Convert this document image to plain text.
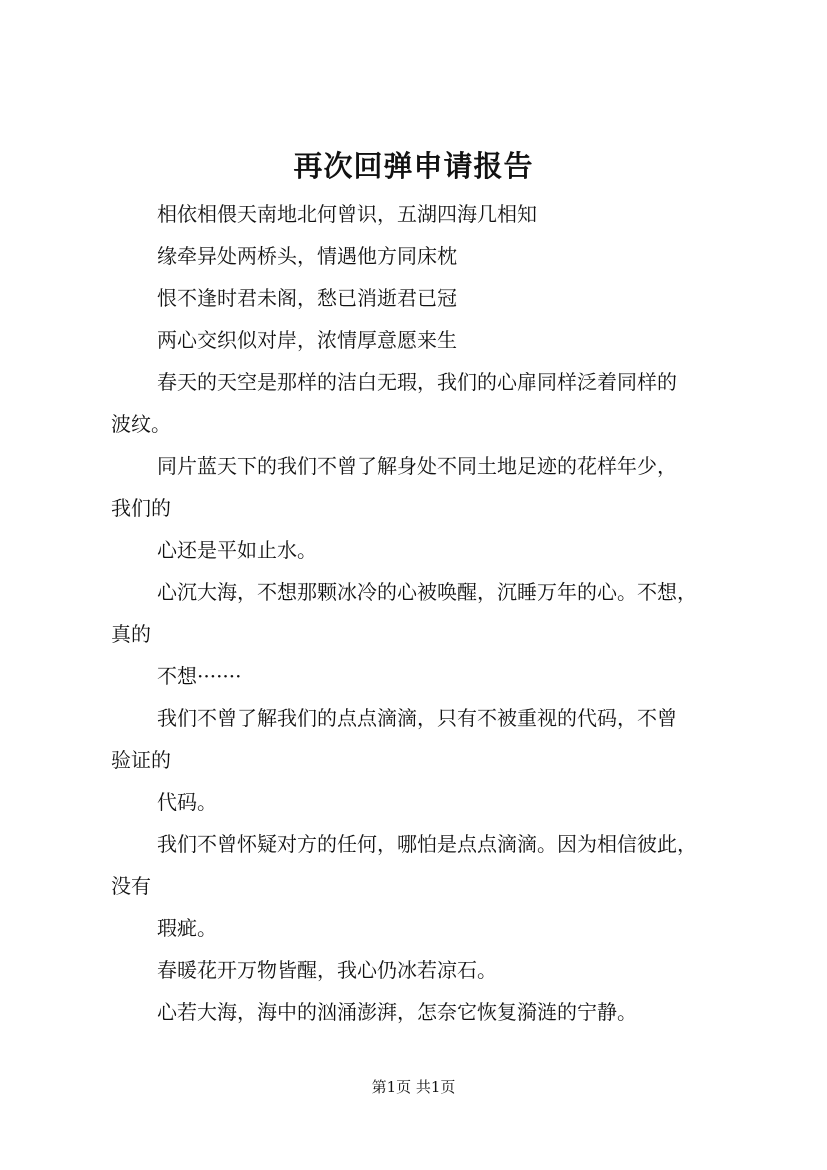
再次回弹申请报告
相依相偎天南地北何曾识，五湖四海几相知
缘牵异处两桥头，情遇他方同床枕
恨不逢时君未阁，愁已消逝君已冠
两心交织似对岸，浓情厚意愿来生
春天的天空是那样的洁白无瑕，我们的心扉同样泛着同样的
波纹。
同片蓝天下的我们不曾了解身处不同土地足迹的花样年少，
我们的
心还是平如止水。
心沉大海，不想那颗冰冷的心被唤醒，沉睡万年的心。不想，
真的
不想·······
我们不曾了解我们的点点滴滴，只有不被重视的代码，不曾
验证的
代码。
我们不曾怀疑对方的任何，哪怕是点点滴滴。因为相信彼此，
没有
瑕疵。
春暖花开万物皆醒，我心仍冰若凉石。
心若大海，海中的汹涌澎湃，怎奈它恢复漪涟的宁静。
第1页 共1页
